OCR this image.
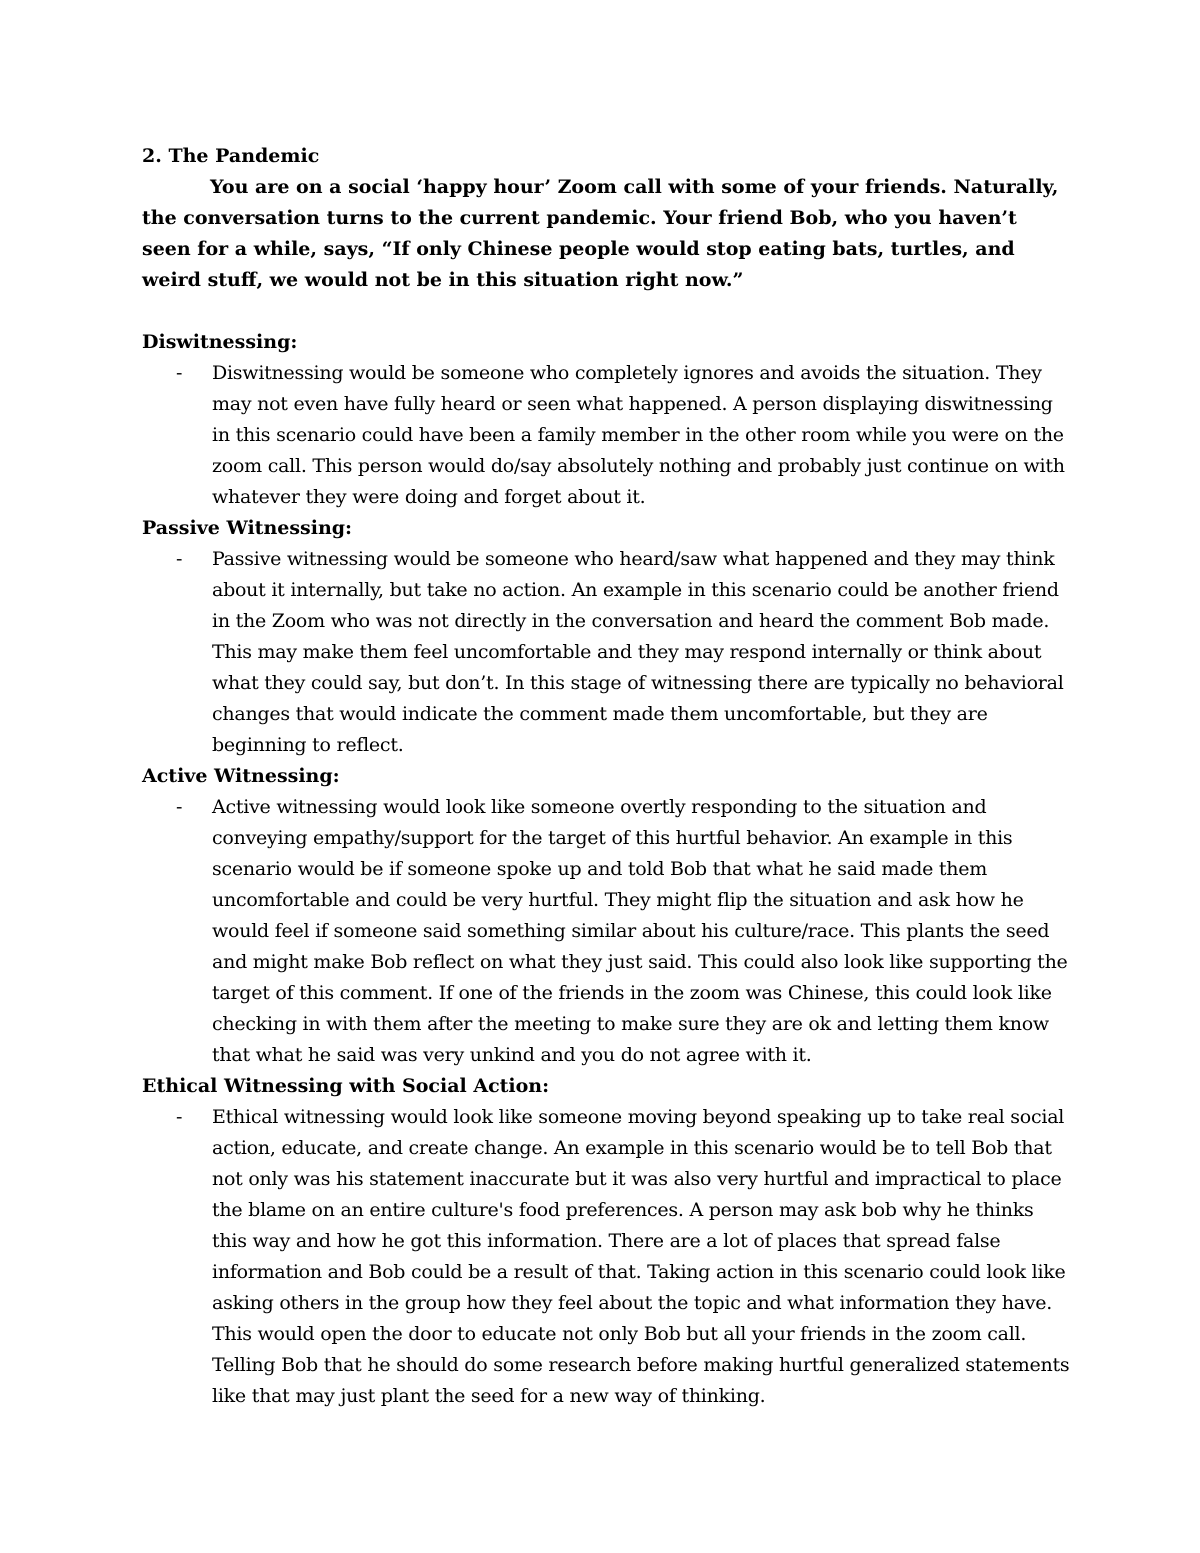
2. The Pandemic

You are on a social ‘happy hour’ Zoom call with some of your friends. Naturally, the conversation turns to the current pandemic. Your friend Bob, who you haven’t seen for a while, says, “If only Chinese people would stop eating bats, turtles, and weird stuff, we would not be in this situation right now.”

Diswitnessing:

- Diswitnessing would be someone who completely ignores and avoids the situation. They may not even have fully heard or seen what happened. A person displaying diswitnessing in this scenario could have been a family member in the other room while you were on the zoom call. This person would do/say absolutely nothing and probably just continue on with whatever they were doing and forget about it.

Passive Witnessing:

- Passive witnessing would be someone who heard/saw what happened and they may think about it internally, but take no action. An example in this scenario could be another friend in the Zoom who was not directly in the conversation and heard the comment Bob made. This may make them feel uncomfortable and they may respond internally or think about what they could say, but don’t. In this stage of witnessing there are typically no behavioral changes that would indicate the comment made them uncomfortable, but they are beginning to reflect.

Active Witnessing:

- Active witnessing would look like someone overtly responding to the situation and conveying empathy/support for the target of this hurtful behavior. An example in this scenario would be if someone spoke up and told Bob that what he said made them uncomfortable and could be very hurtful. They might flip the situation and ask how he would feel if someone said something similar about his culture/race. This plants the seed and might make Bob reflect on what they just said. This could also look like supporting the target of this comment. If one of the friends in the zoom was Chinese, this could look like checking in with them after the meeting to make sure they are ok and letting them know that what he said was very unkind and you do not agree with it.

Ethical Witnessing with Social Action:

- Ethical witnessing would look like someone moving beyond speaking up to take real social action, educate, and create change. An example in this scenario would be to tell Bob that not only was his statement inaccurate but it was also very hurtful and impractical to place the blame on an entire culture's food preferences. A person may ask bob why he thinks this way and how he got this information. There are a lot of places that spread false information and Bob could be a result of that. Taking action in this scenario could look like asking others in the group how they feel about the topic and what information they have. This would open the door to educate not only Bob but all your friends in the zoom call. Telling Bob that he should do some research before making hurtful generalized statements like that may just plant the seed for a new way of thinking.
